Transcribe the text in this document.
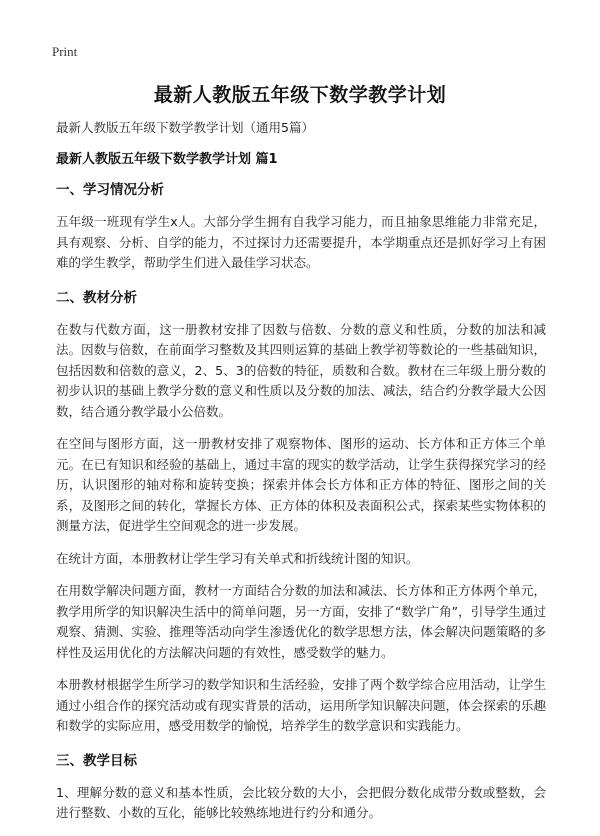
Print
最新人教版五年级下数学教学计划

最新人教版五年级下数学教学计划（通用5篇）

最新人教版五年级下数学教学计划 篇1

一、学习情况分析

五年级一班现有学生x人。大部分学生拥有自我学习能力，而且抽象思维能力非常充足，具有观察、分析、自学的能力，不过探讨力还需要提升，本学期重点还是抓好学习上有困难的学生教学，帮助学生们进入最佳学习状态。

二、教材分析

在数与代数方面，这一册教材安排了因数与倍数、分数的意义和性质，分数的加法和减法。因数与倍数，在前面学习整数及其四则运算的基础上教学初等数论的一些基础知识，包括因数和倍数的意义，2、5、3的倍数的特征，质数和合数。教材在三年级上册分数的初步认识的基础上教学分数的意义和性质以及分数的加法、减法，结合约分教学最大公因数，结合通分教学最小公倍数。

在空间与图形方面，这一册教材安排了观察物体、图形的运动、长方体和正方体三个单元。在已有知识和经验的基础上，通过丰富的现实的数学活动，让学生获得探究学习的经历，认识图形的轴对称和旋转变换；探索并体会长方体和正方体的特征、图形之间的关系，及图形之间的转化，掌握长方体、正方体的体积及表面积公式，探索某些实物体积的测量方法，促进学生空间观念的进一步发展。

在统计方面，本册教材让学生学习有关单式和折线统计图的知识。

在用数学解决问题方面，教材一方面结合分数的加法和减法、长方体和正方体两个单元，教学用所学的知识解决生活中的简单问题，另一方面，安排了“数学广角”，引导学生通过观察、猜测、实验、推理等活动向学生渗透优化的数学思想方法，体会解决问题策略的多样性及运用优化的方法解决问题的有效性，感受数学的魅力。

本册教材根据学生所学习的数学知识和生活经验，安排了两个数学综合应用活动，让学生通过小组合作的探究活动或有现实背景的活动，运用所学知识解决问题，体会探索的乐趣和数学的实际应用，感受用数学的愉悦，培养学生的数学意识和实践能力。

三、教学目标

1、理解分数的意义和基本性质，会比较分数的大小，会把假分数化成带分数或整数，会进行整数、小数的互化，能够比较熟练地进行约分和通分。
